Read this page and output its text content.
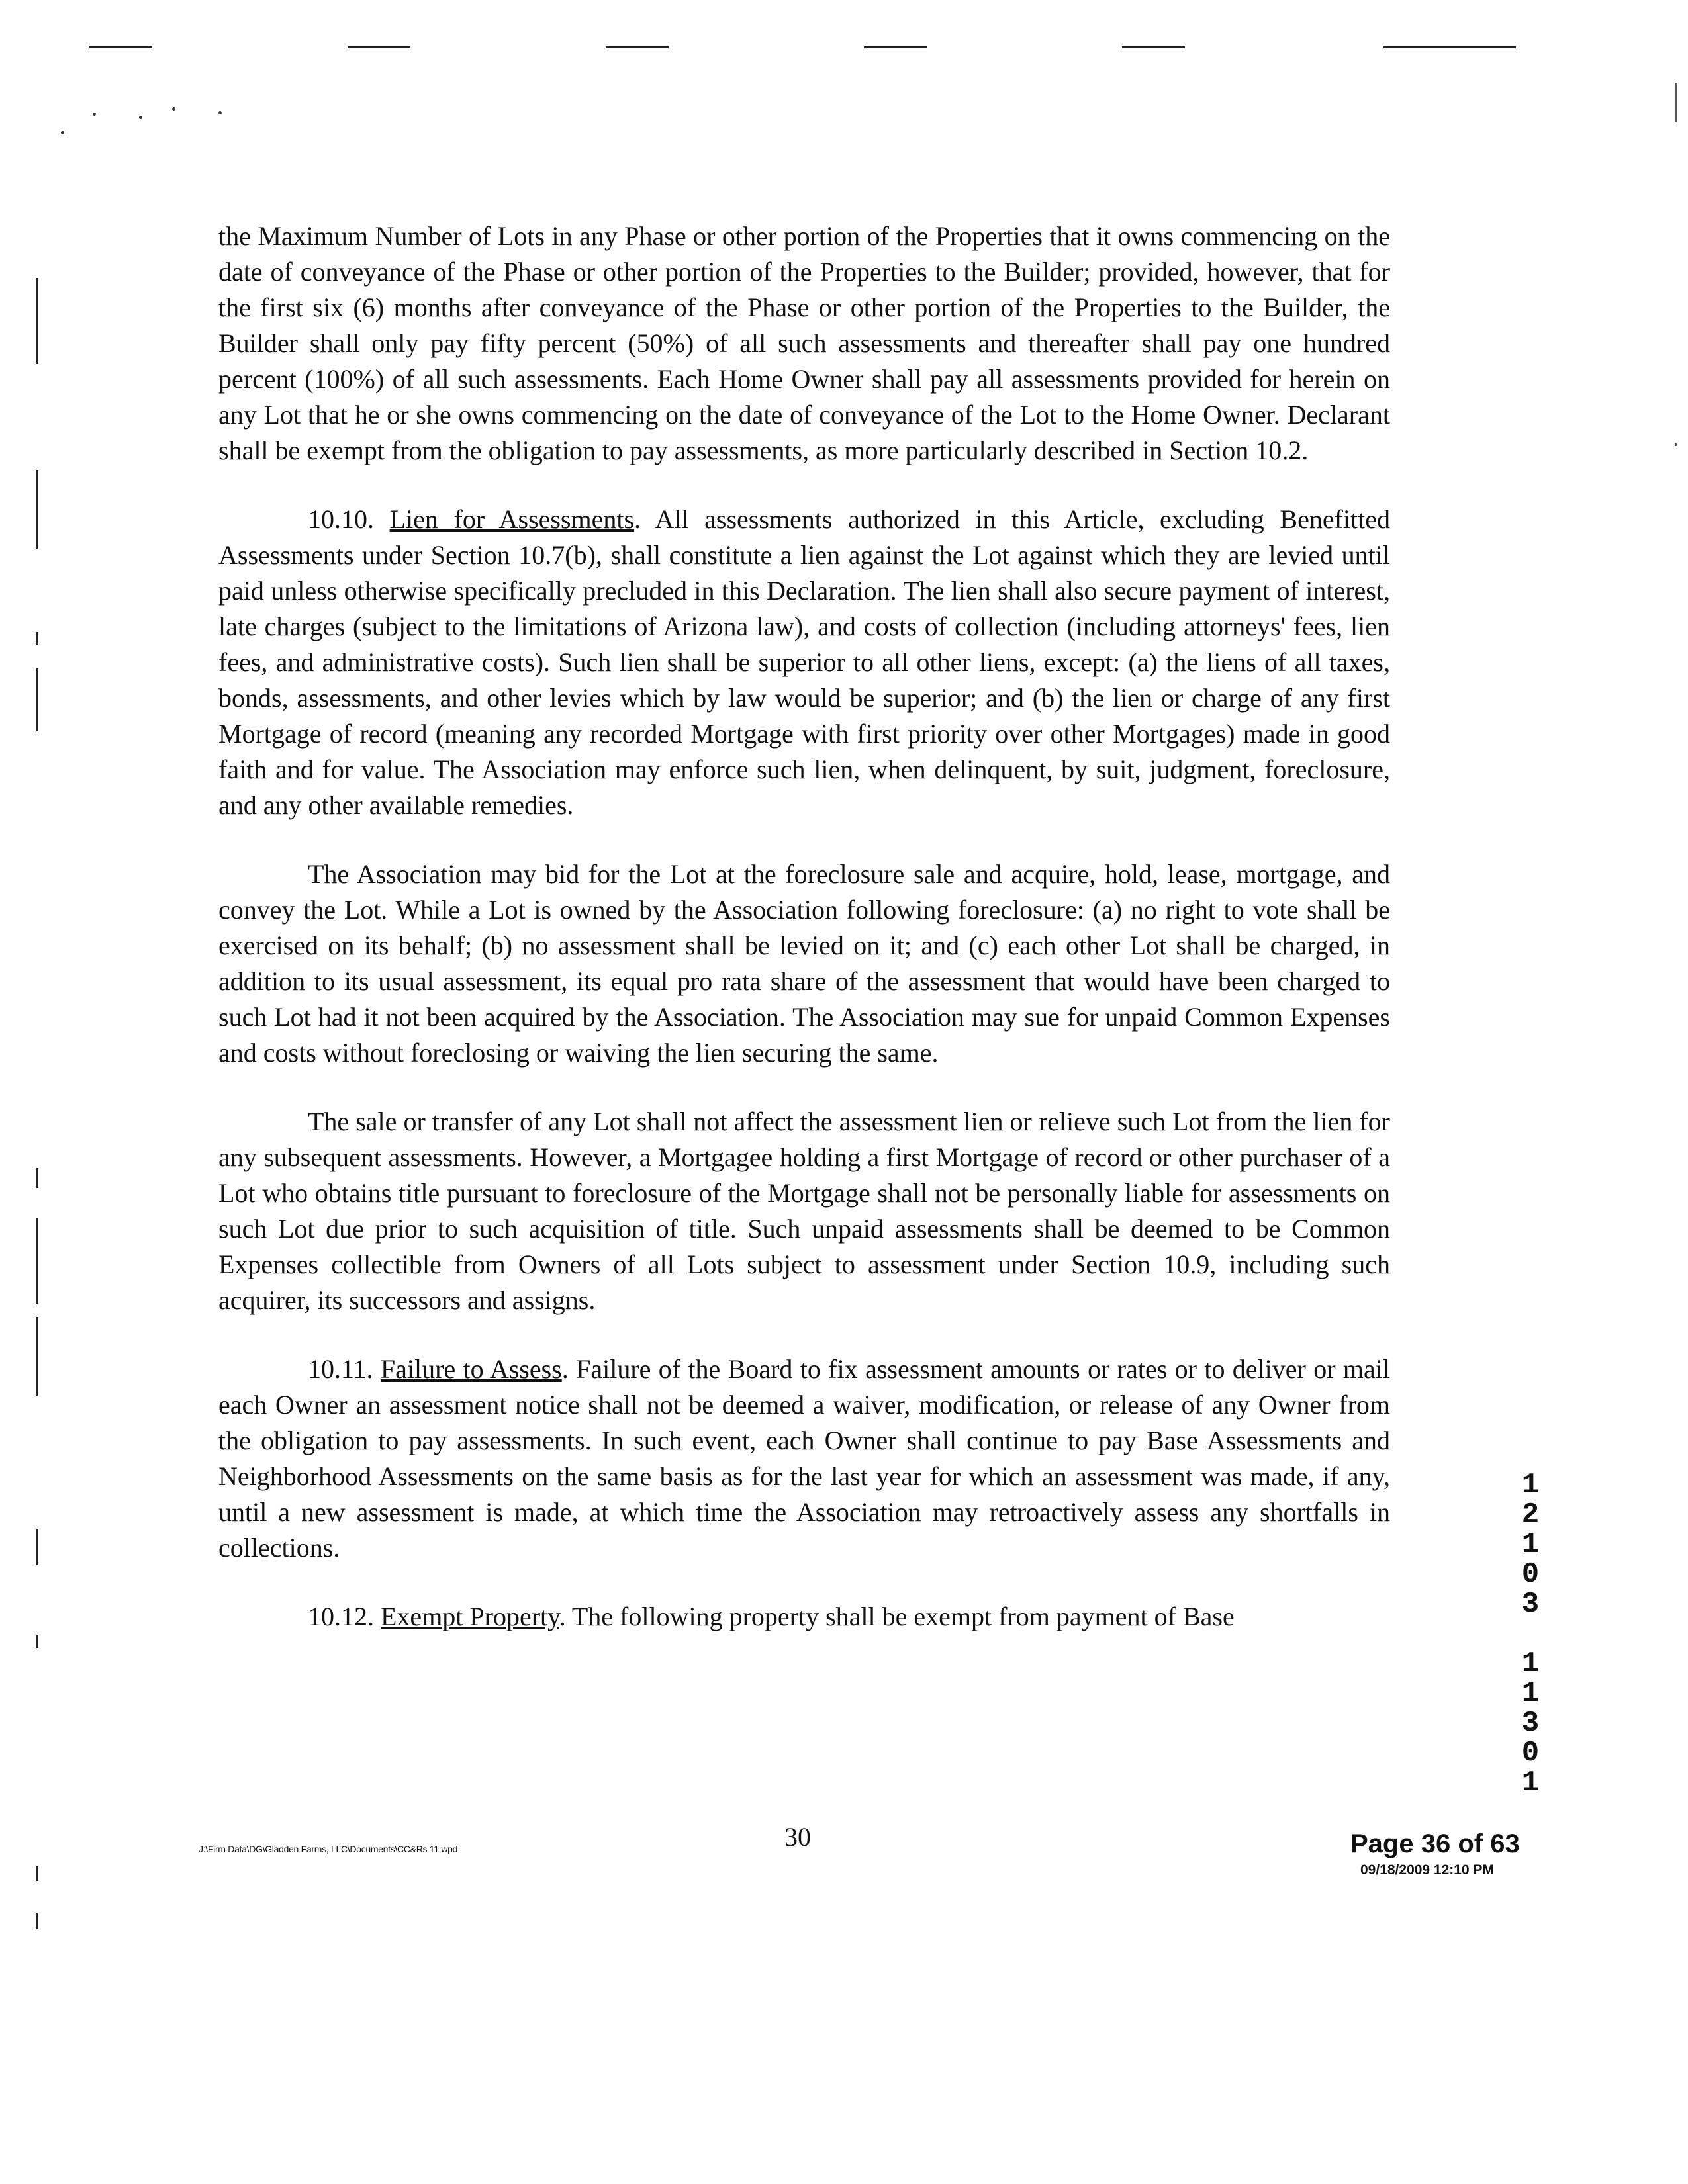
the Maximum Number of Lots in any Phase or other portion of the Properties that it owns commencing on the date of conveyance of the Phase or other portion of the Properties to the Builder; provided, however, that for the first six (6) months after conveyance of the Phase or other portion of the Properties to the Builder, the Builder shall only pay fifty percent (50%) of all such assessments and thereafter shall pay one hundred percent (100%) of all such assessments. Each Home Owner shall pay all assessments provided for herein on any Lot that he or she owns commencing on the date of conveyance of the Lot to the Home Owner. Declarant shall be exempt from the obligation to pay assessments, as more particularly described in Section 10.2.

10.10. Lien for Assessments. All assessments authorized in this Article, excluding Benefitted Assessments under Section 10.7(b), shall constitute a lien against the Lot against which they are levied until paid unless otherwise specifically precluded in this Declaration. The lien shall also secure payment of interest, late charges (subject to the limitations of Arizona law), and costs of collection (including attorneys' fees, lien fees, and administrative costs). Such lien shall be superior to all other liens, except: (a) the liens of all taxes, bonds, assessments, and other levies which by law would be superior; and (b) the lien or charge of any first Mortgage of record (meaning any recorded Mortgage with first priority over other Mortgages) made in good faith and for value. The Association may enforce such lien, when delinquent, by suit, judgment, foreclosure, and any other available remedies.

The Association may bid for the Lot at the foreclosure sale and acquire, hold, lease, mortgage, and convey the Lot. While a Lot is owned by the Association following foreclosure: (a) no right to vote shall be exercised on its behalf; (b) no assessment shall be levied on it; and (c) each other Lot shall be charged, in addition to its usual assessment, its equal pro rata share of the assessment that would have been charged to such Lot had it not been acquired by the Association. The Association may sue for unpaid Common Expenses and costs without foreclosing or waiving the lien securing the same.

The sale or transfer of any Lot shall not affect the assessment lien or relieve such Lot from the lien for any subsequent assessments. However, a Mortgagee holding a first Mortgage of record or other purchaser of a Lot who obtains title pursuant to foreclosure of the Mortgage shall not be personally liable for assessments on such Lot due prior to such acquisition of title. Such unpaid assessments shall be deemed to be Common Expenses collectible from Owners of all Lots subject to assessment under Section 10.9, including such acquirer, its successors and assigns.

10.11. Failure to Assess. Failure of the Board to fix assessment amounts or rates or to deliver or mail each Owner an assessment notice shall not be deemed a waiver, modification, or release of any Owner from the obligation to pay assessments. In such event, each Owner shall continue to pay Base Assessments and Neighborhood Assessments on the same basis as for the last year for which an assessment was made, if any, until a new assessment is made, at which time the Association may retroactively assess any shortfalls in collections.

10.12. Exempt Property. The following property shall be exempt from payment of Base

1
2
1
0
3
1
1
3
0
1
J:\Firm Data\DG\Gladden Farms, LLC\Documents\CC&Rs 11.wpd	30	Page 36 of 63
09/18/2009 12:10 PM
